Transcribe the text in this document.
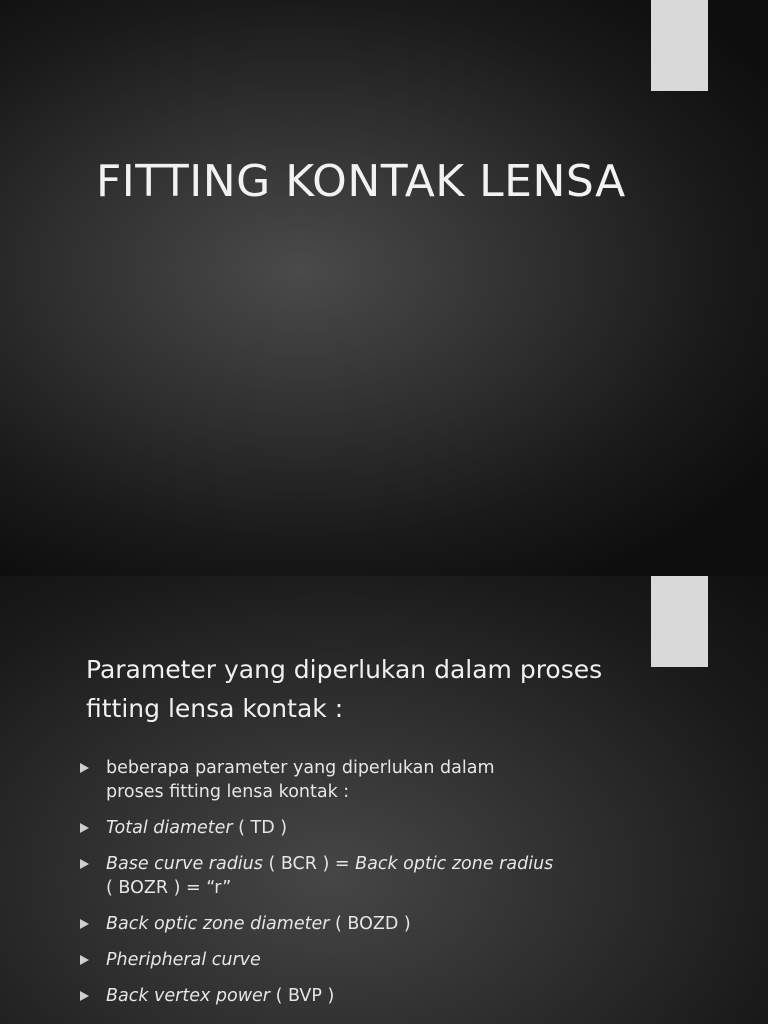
FITTING KONTAK LENSA
Parameter yang diperlukan dalam proses
fitting lensa kontak :
beberapa parameter yang diperlukan dalam
proses fitting lensa kontak :
Total diameter ( TD )
Base curve radius ( BCR ) = Back optic zone radius
( BOZR ) = “r”
Back optic zone diameter ( BOZD )
Pheripheral curve
Back vertex power ( BVP )
